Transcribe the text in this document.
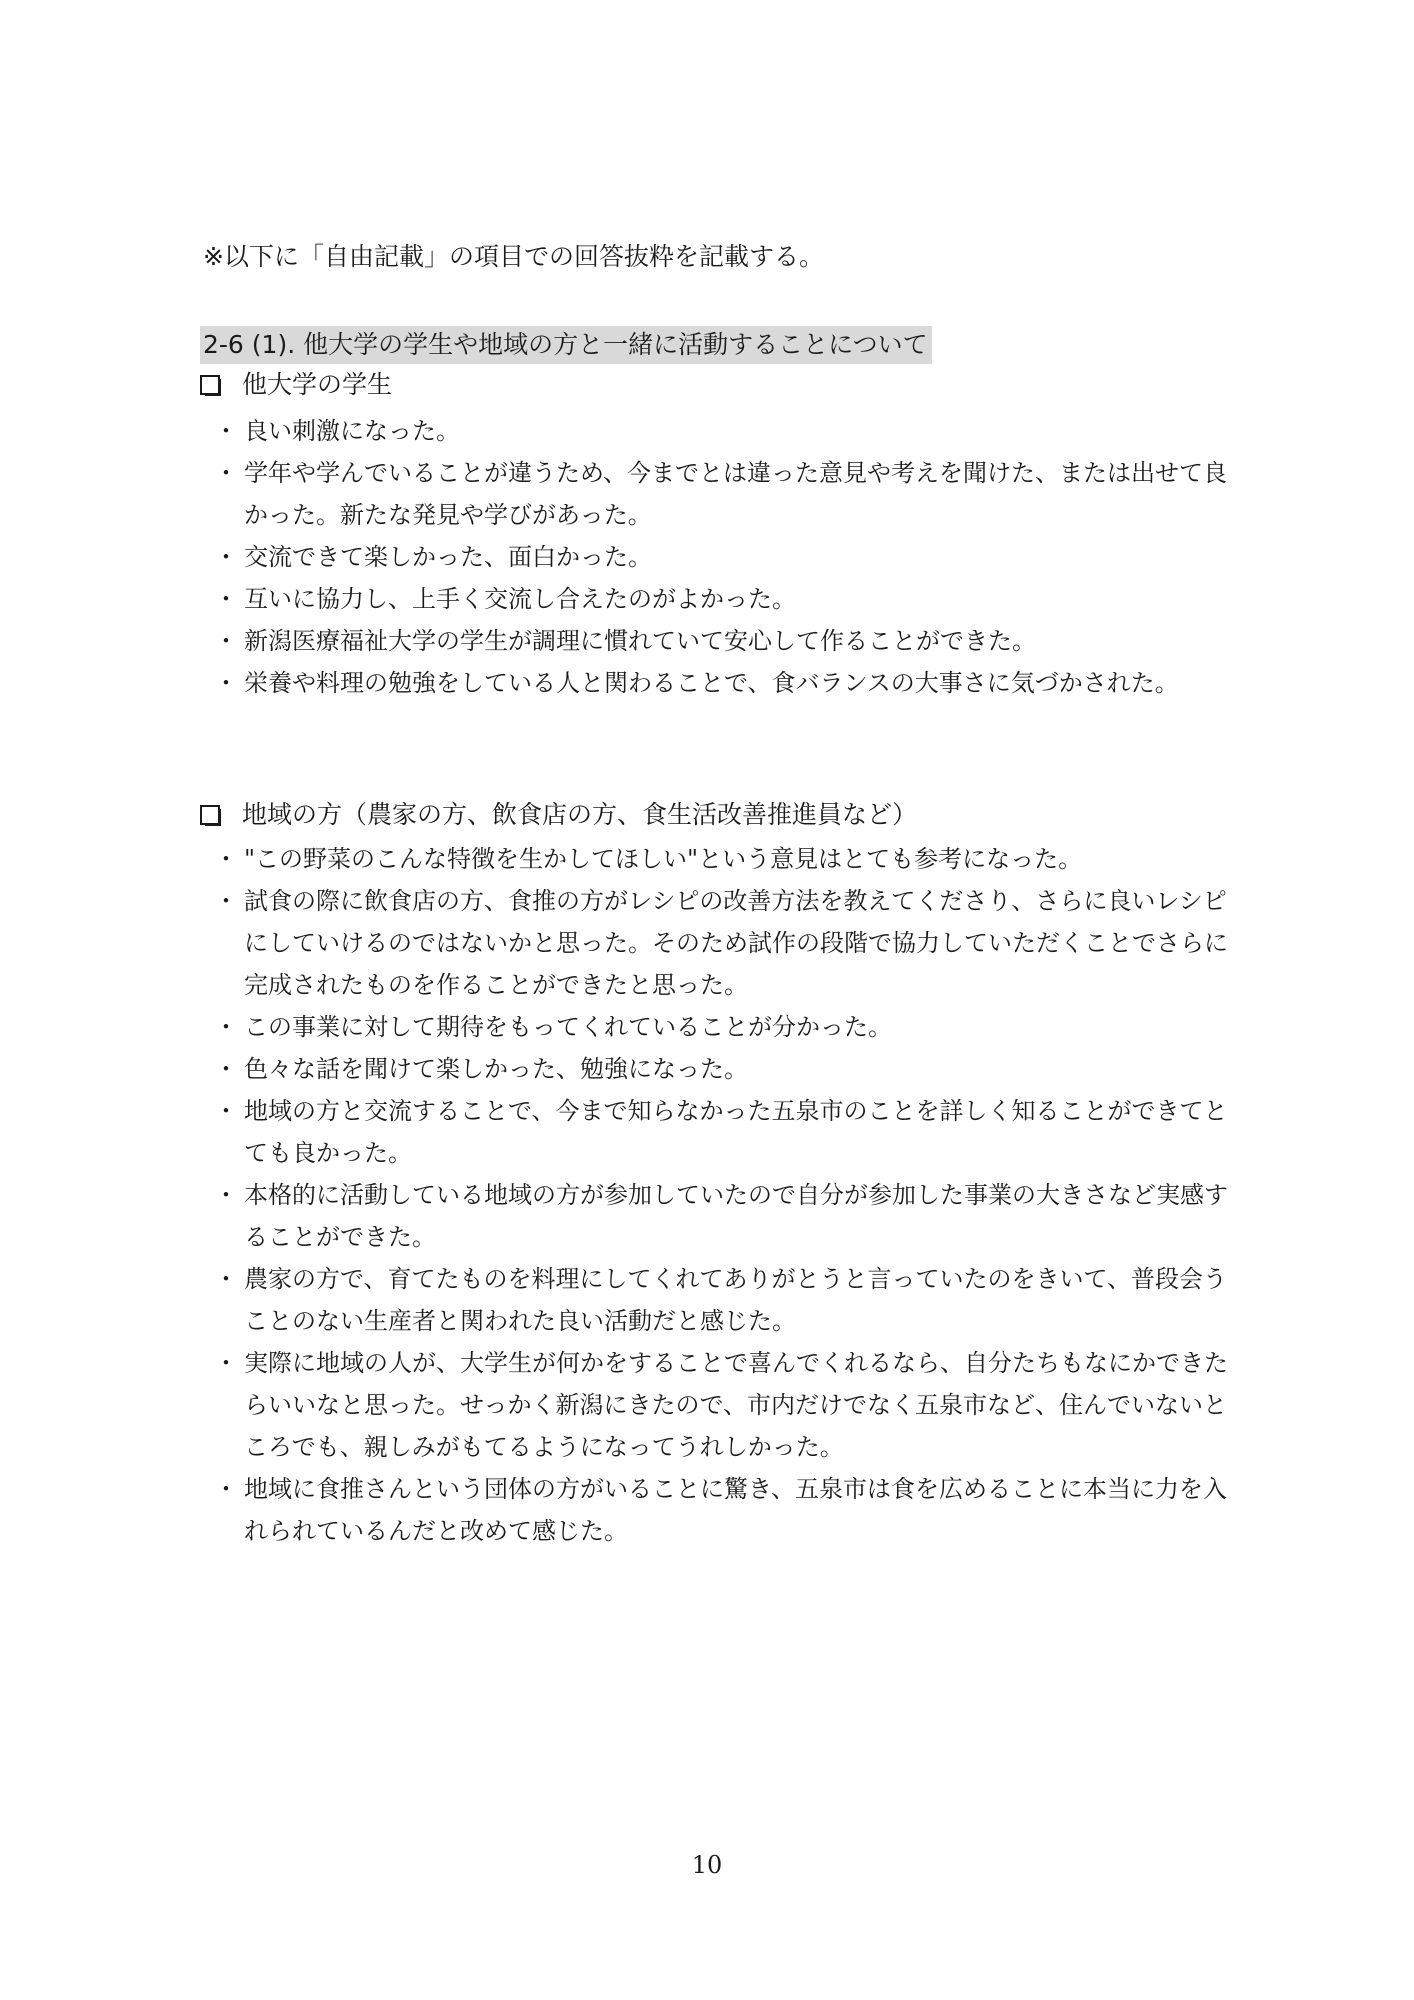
※以下に「自由記載」の項目での回答抜粋を記載する。
2-6 (1). 他大学の学生や地域の方と一緒に活動することについて
他大学の学生
・ 良い刺激になった。
・ 学年や学んでいることが違うため、今までとは違った意見や考えを聞けた、または出せて良かった。新たな発見や学びがあった。
・ 交流できて楽しかった、面白かった。
・ 互いに協力し、上手く交流し合えたのがよかった。
・ 新潟医療福祉大学の学生が調理に慣れていて安心して作ることができた。
・ 栄養や料理の勉強をしている人と関わることで、食バランスの大事さに気づかされた。
地域の方（農家の方、飲食店の方、食生活改善推進員など）
・ "この野菜のこんな特徴を生かしてほしい"という意見はとても参考になった。
・ 試食の際に飲食店の方、食推の方がレシピの改善方法を教えてくださり、さらに良いレシピにしていけるのではないかと思った。そのため試作の段階で協力していただくことでさらに完成されたものを作ることができたと思った。
・ この事業に対して期待をもってくれていることが分かった。
・ 色々な話を聞けて楽しかった、勉強になった。
・ 地域の方と交流することで、今まで知らなかった五泉市のことを詳しく知ることができてとても良かった。
・ 本格的に活動している地域の方が参加していたので自分が参加した事業の大きさなど実感することができた。
・ 農家の方で、育てたものを料理にしてくれてありがとうと言っていたのをきいて、普段会うことのない生産者と関われた良い活動だと感じた。
・ 実際に地域の人が、大学生が何かをすることで喜んでくれるなら、自分たちもなにかできたらいいなと思った。せっかく新潟にきたので、市内だけでなく五泉市など、住んでいないところでも、親しみがもてるようになってうれしかった。
・ 地域に食推さんという団体の方がいることに驚き、五泉市は食を広めることに本当に力を入れられているんだと改めて感じた。
10
